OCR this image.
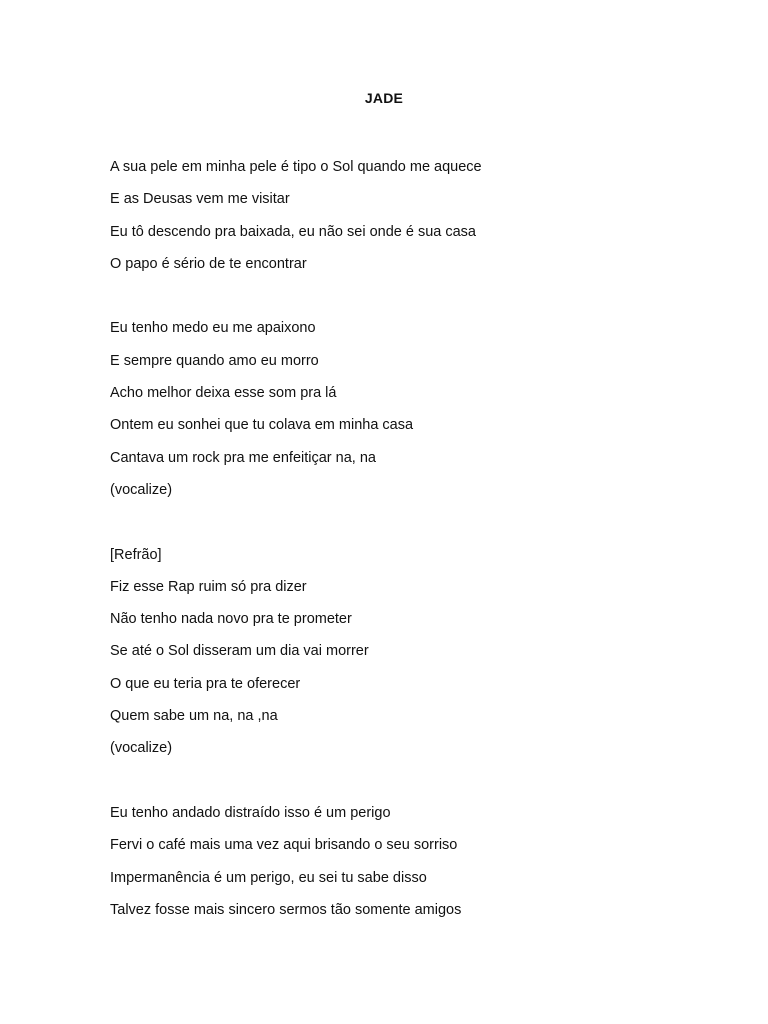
JADE
A sua pele em minha pele é tipo o Sol quando me aquece
E as Deusas vem me visitar
Eu tô descendo pra baixada, eu não sei onde é sua casa
O papo é sério de te encontrar
Eu tenho medo eu me apaixono
E sempre quando amo eu morro
Acho melhor deixa esse som pra lá
Ontem eu sonhei que tu colava em minha casa
Cantava um rock pra me enfeitiçar na, na
(vocalize)
[Refrão]
Fiz esse Rap ruim só pra dizer
Não tenho nada novo pra te prometer
Se até o Sol disseram um dia vai morrer
O que eu teria pra te oferecer
Quem sabe um na, na ,na
(vocalize)
Eu tenho andado distraído isso é um perigo
Fervi o café mais uma vez aqui brisando o seu sorriso
Impermanência é um perigo, eu sei tu sabe disso
Talvez fosse mais sincero sermos tão somente amigos
